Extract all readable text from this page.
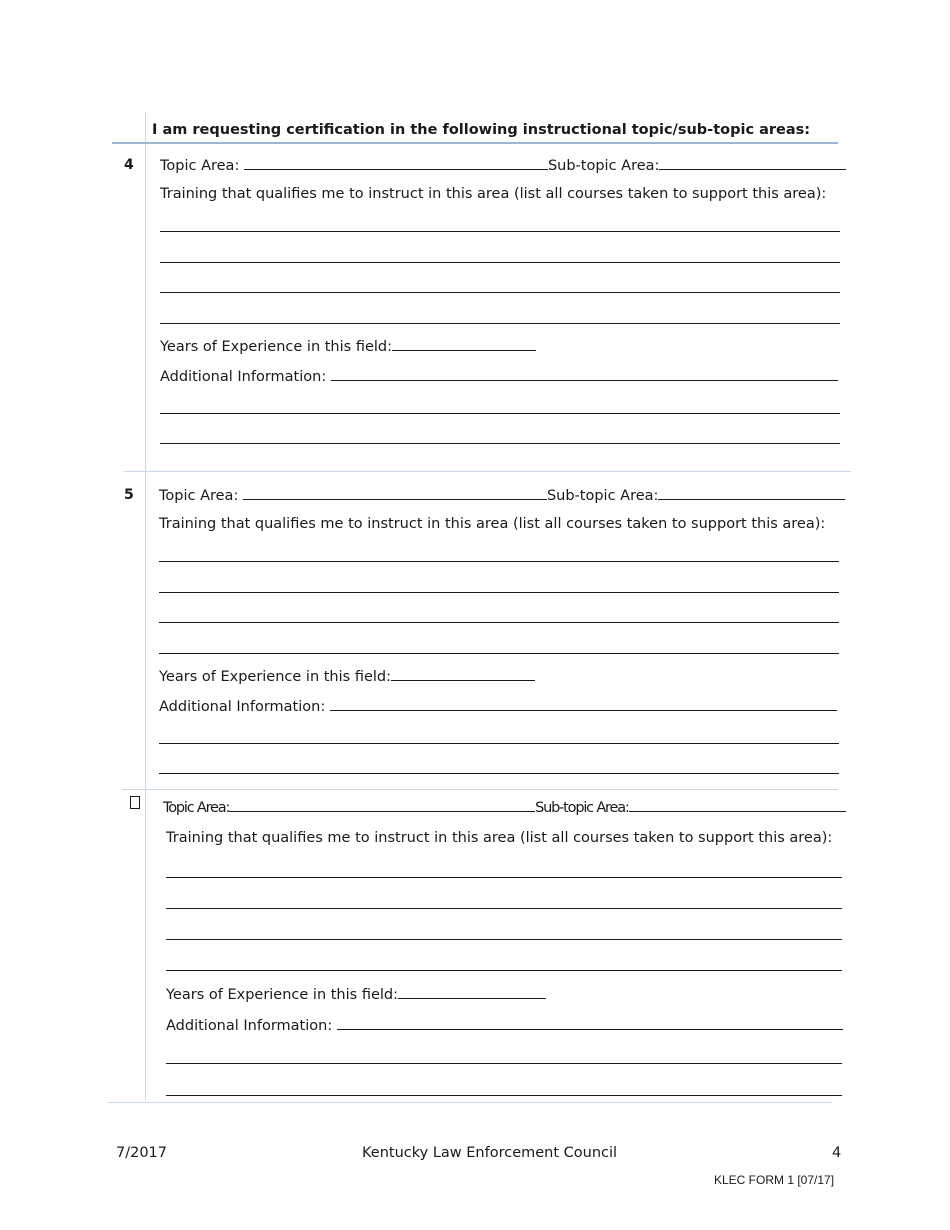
I am requesting certification in the following instructional topic/sub-topic areas:
4 Topic Area:	Sub-topic Area:
Training that qualifies me to instruct in this area (list all courses taken to support this area):
Years of Experience in this field:
Additional Information:
5 Topic Area:	Sub-topic Area:
Training that qualifies me to instruct in this area (list all courses taken to support this area):
Years of Experience in this field:
Additional Information:
Topic Area:	Sub-topic Area:
Training that qualifies me to instruct in this area (list all courses taken to support this area):
Years of Experience in this field:
Additional Information:
7/2017	Kentucky Law Enforcement Council	4
KLEC FORM 1 [07/17]
